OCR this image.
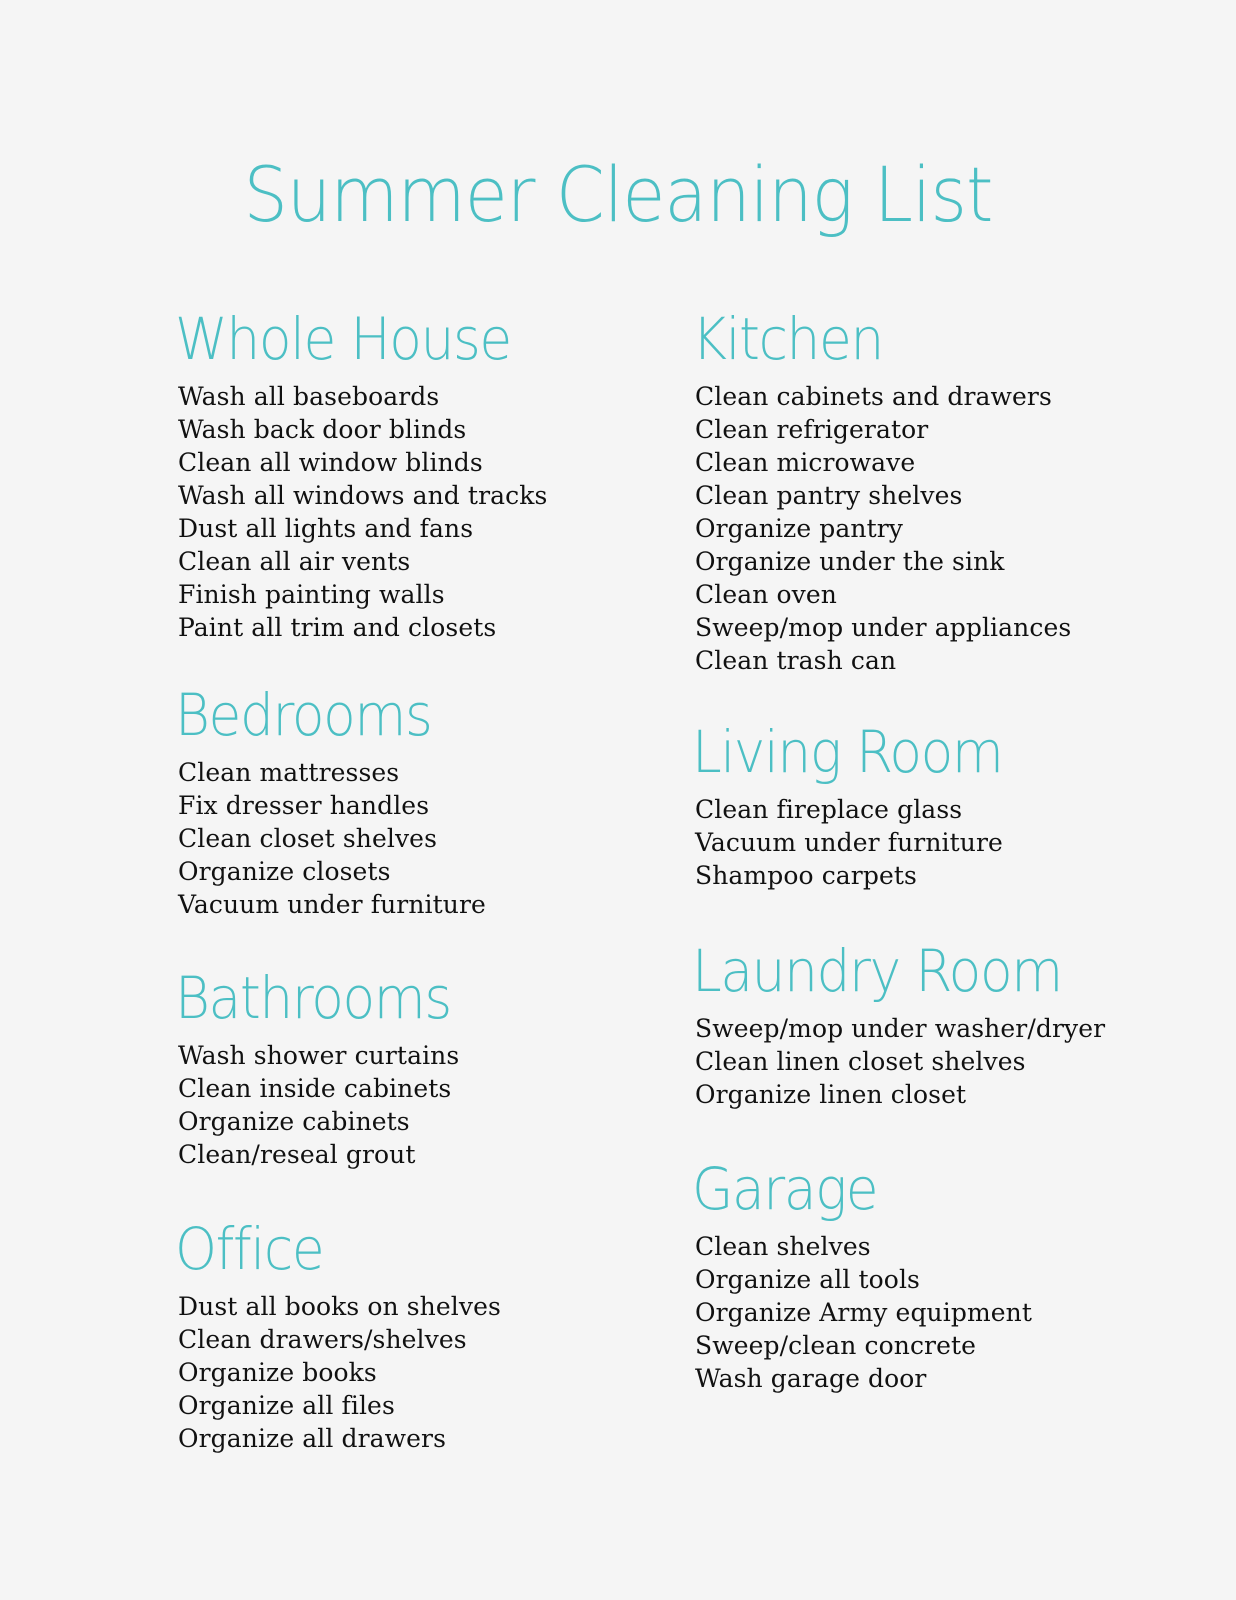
Summer Cleaning List
Whole House
Wash all baseboards
Wash back door blinds
Clean all window blinds
Wash all windows and tracks
Dust all lights and fans
Clean all air vents
Finish painting walls
Paint all trim and closets
Bedrooms
Clean mattresses
Fix dresser handles
Clean closet shelves
Organize closets
Vacuum under furniture
Bathrooms
Wash shower curtains
Clean inside cabinets
Organize cabinets
Clean/reseal grout
Office
Dust all books on shelves
Clean drawers/shelves
Organize books
Organize all files
Organize all drawers
Kitchen
Clean cabinets and drawers
Clean refrigerator
Clean microwave
Clean pantry shelves
Organize pantry
Organize under the sink
Clean oven
Sweep/mop under appliances
Clean trash can
Living Room
Clean fireplace glass
Vacuum under furniture
Shampoo carpets
Laundry Room
Sweep/mop under washer/dryer
Clean linen closet shelves
Organize linen closet
Garage
Clean shelves
Organize all tools
Organize Army equipment
Sweep/clean concrete
Wash garage door
